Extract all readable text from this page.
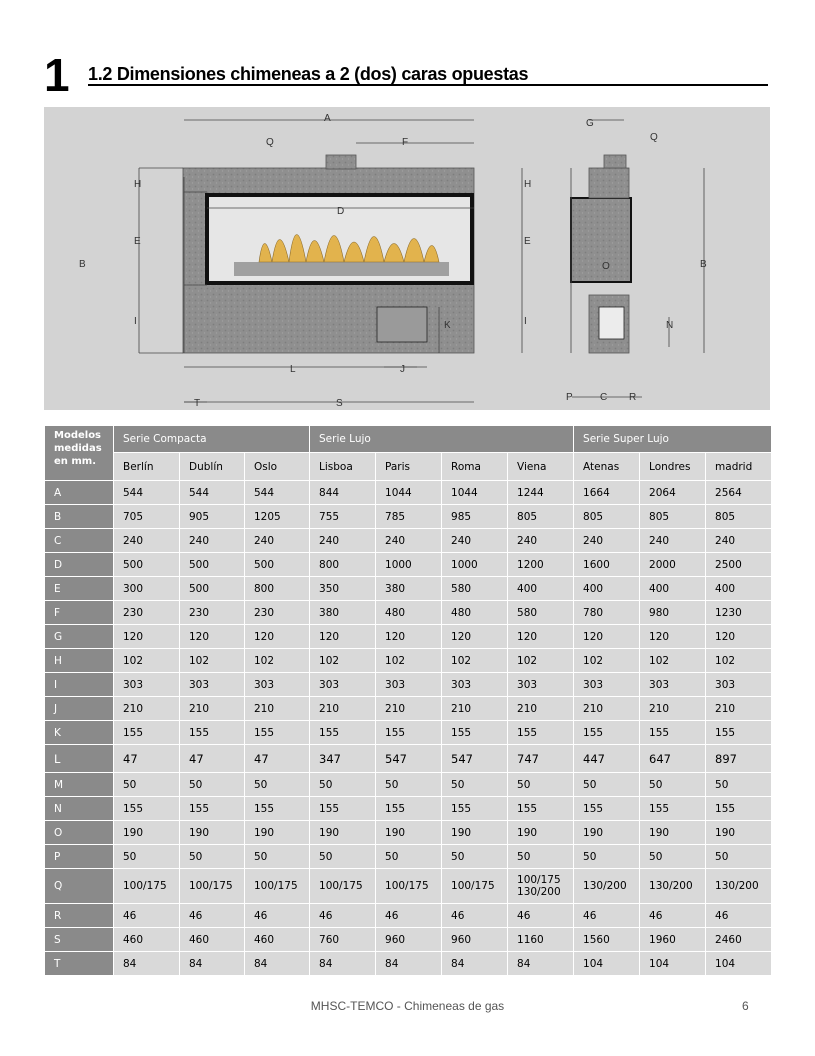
1 1.2 Dimensiones chimeneas a 2 (dos) caras opuestas
A
Q	F
H
D
E
B
I	K
L	J
T	S
G
Q
H
E
B
O
I	N
P	C R
Modelos medidas en mm.	Serie Compacta			Serie Lujo				Serie Super Lujo		
	Berlín	Dublín	Oslo	Lisboa	Paris	Roma	Viena	Atenas	Londres	madrid
A	544	544	544	844	1044	1044	1244	1664	2064	2564
B	705	905	1205	755	785	985	805	805	805	805
C	240	240	240	240	240	240	240	240	240	240
D	500	500	500	800	1000	1000	1200	1600	2000	2500
E	300	500	800	350	380	580	400	400	400	400
F	230	230	230	380	480	480	580	780	980	1230
G	120	120	120	120	120	120	120	120	120	120
H	102	102	102	102	102	102	102	102	102	102
I	303	303	303	303	303	303	303	303	303	303
J	210	210	210	210	210	210	210	210	210	210
K	155	155	155	155	155	155	155	155	155	155
L	47	47	47	347	547	547	747	447	647	897
M	50	50	50	50	50	50	50	50	50	50
N	155	155	155	155	155	155	155	155	155	155
O	190	190	190	190	190	190	190	190	190	190
P	50	50	50	50	50	50	50	50	50	50
Q	100/175	100/175	100/175	100/175	100/175	100/175	100/175 130/200	130/200	130/200	130/200
R	46	46	46	46	46	46	46	46	46	46
S	460	460	460	760	960	960	1160	1560	1960	2460
T	84	84	84	84	84	84	84	104	104	104
MHSC-TEMCO - Chimeneas de gas	6
